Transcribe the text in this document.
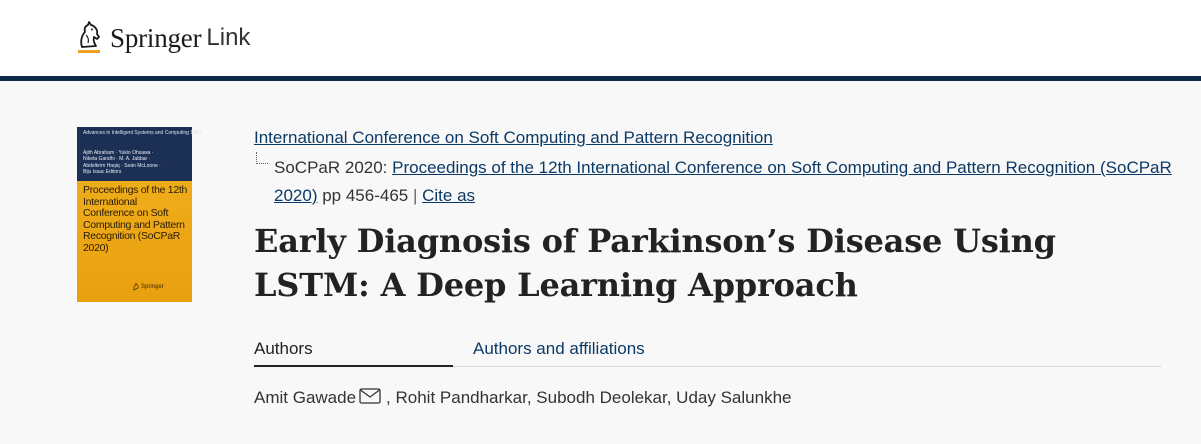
Springer Link
Advances in Intelligent Systems and Computing 1383
Ajith Abraham · Yukio Ohsawa ·
Niketa Gandhi · M. A. Jabbar ·
Abdelkrim Haqiq · Seán McLoone ·
Biju Issac Editors
Proceedings of the 12th International Conference on Soft Computing and Pattern Recognition (SoCPaR 2020)
Springer
International Conference on Soft Computing and Pattern Recognition
SoCPaR 2020: Proceedings of the 12th International Conference on Soft Computing and Pattern Recognition (SoCPaR 2020) pp 456-465 | Cite as
Early Diagnosis of Parkinson’s Disease Using LSTM: A Deep Learning Approach
Authors	Authors and affiliations
Amit Gawade , Rohit Pandharkar, Subodh Deolekar, Uday Salunkhe
